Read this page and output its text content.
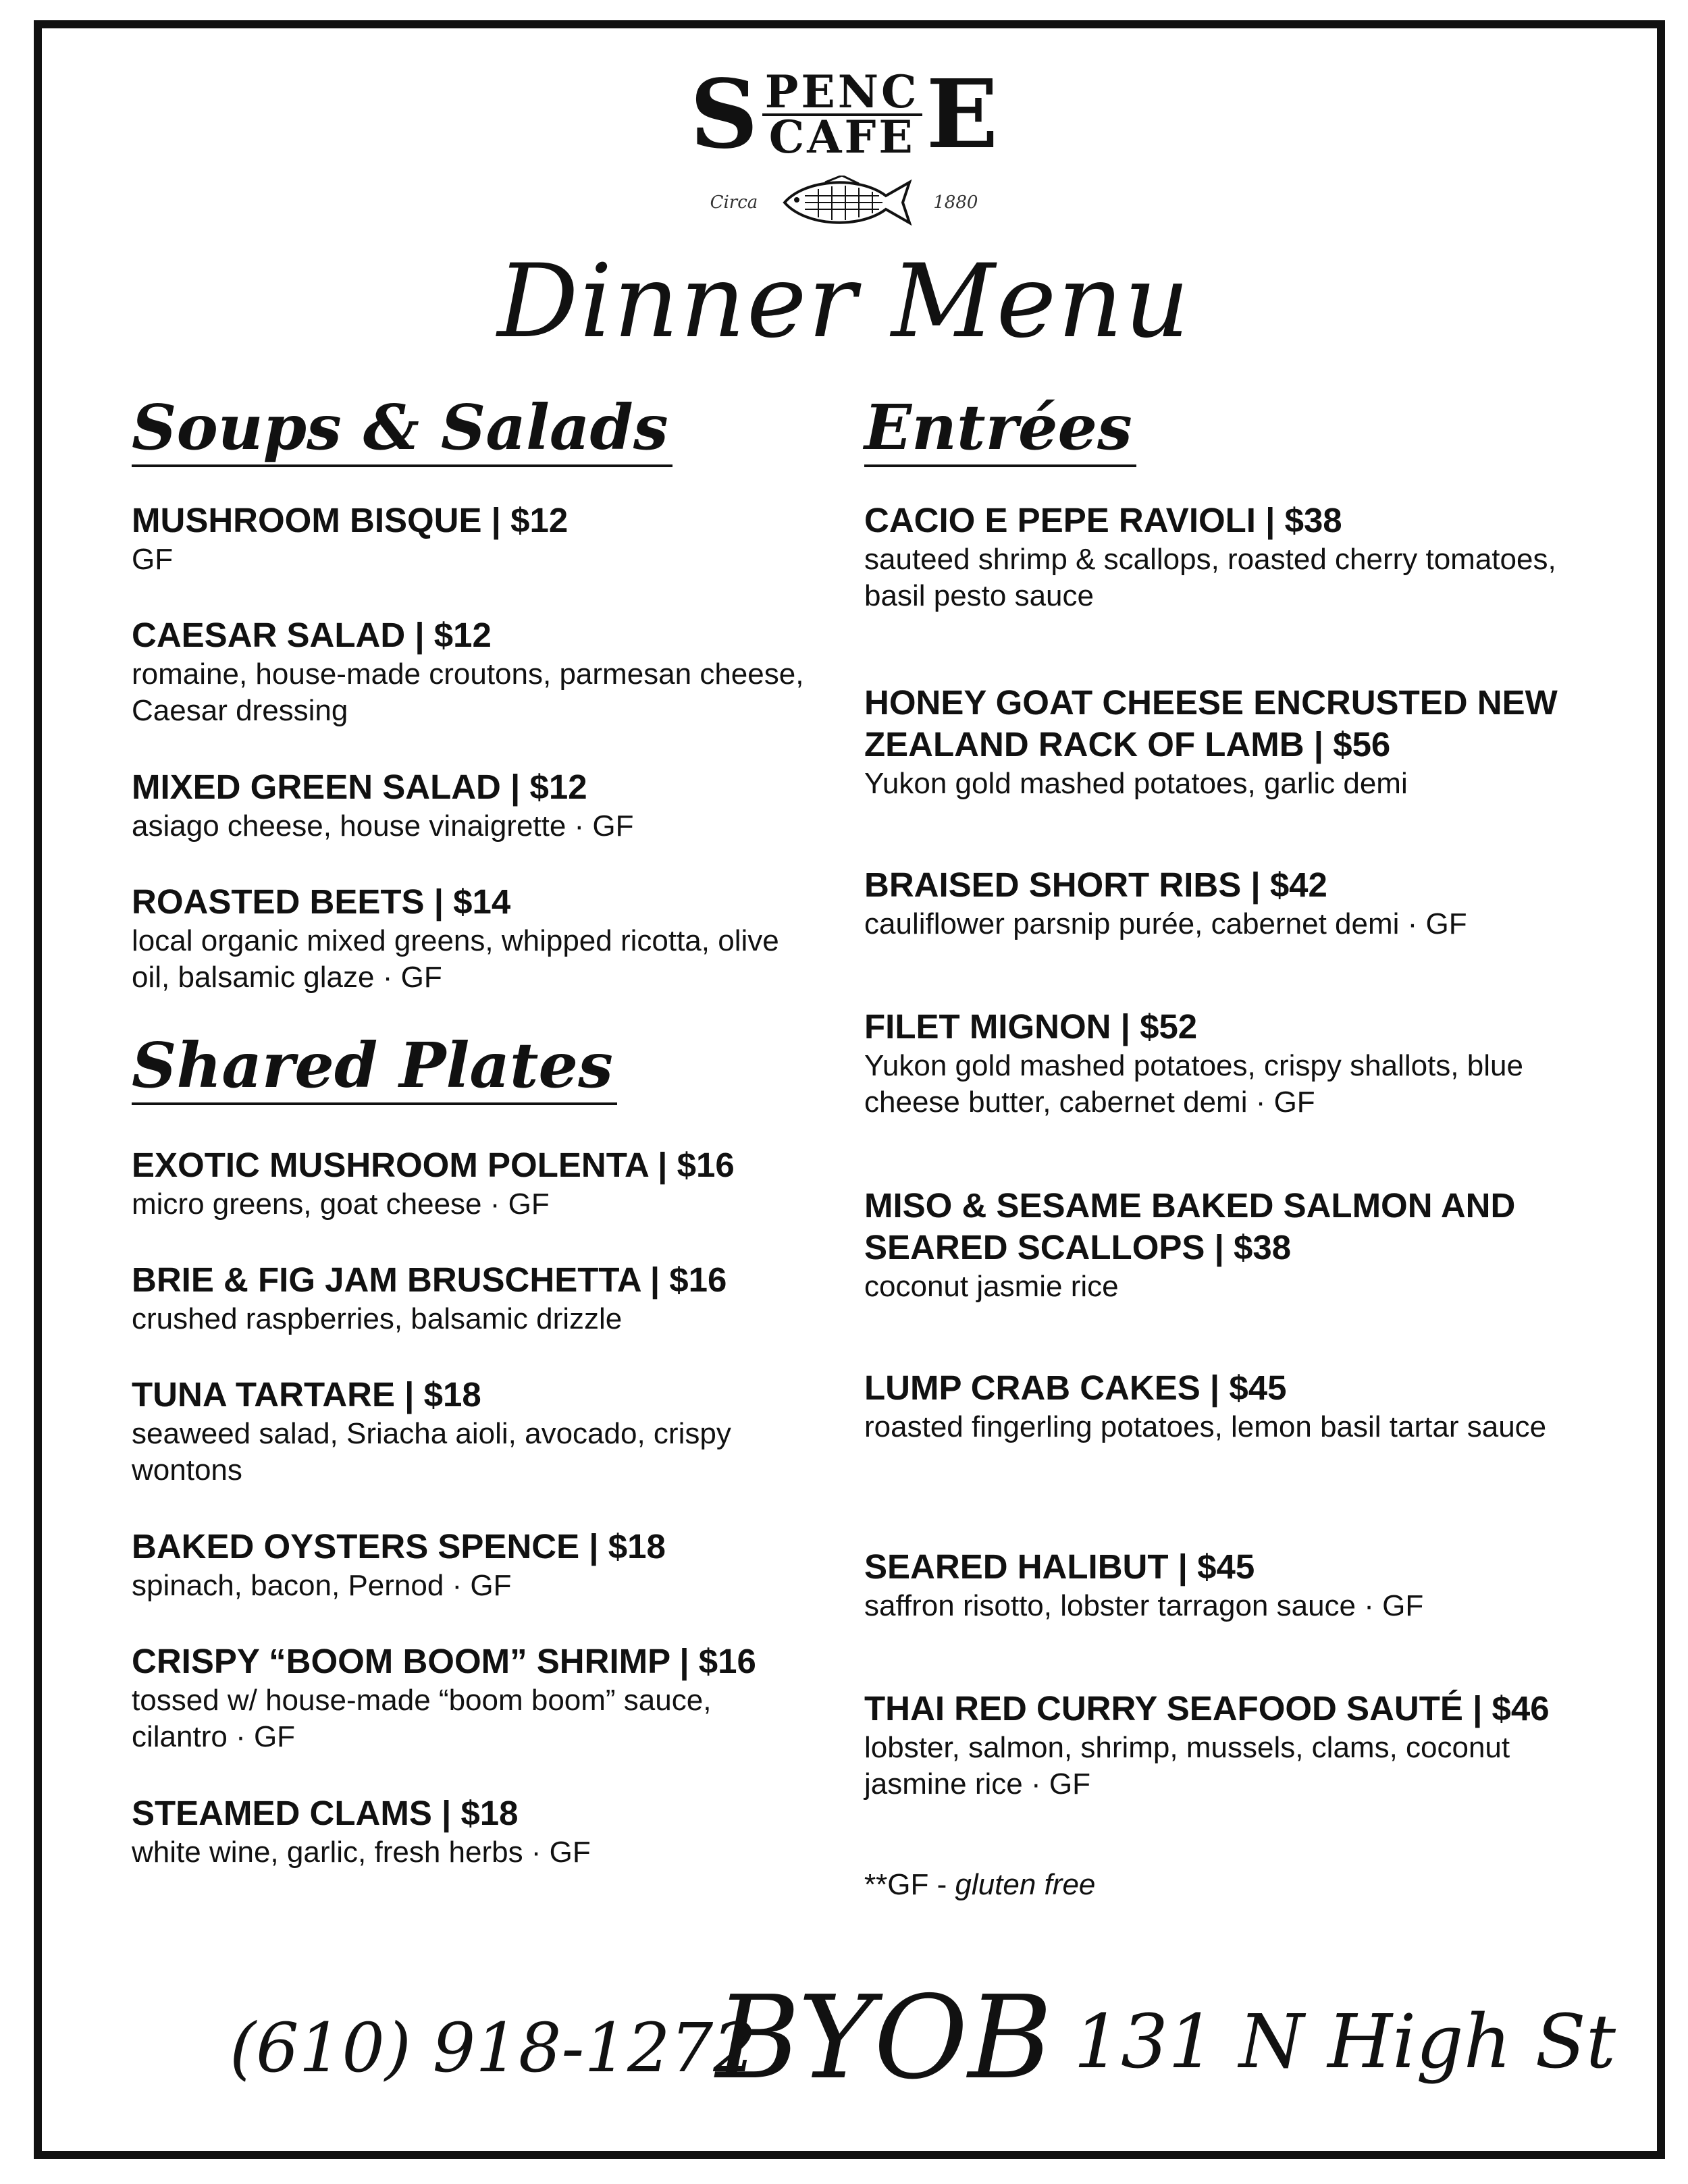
S PENC
CAFE E
Circa	1880
Dinner Menu
Soups & Salads

MUSHROOM BISQUE | $12

GF

CAESAR SALAD | $12

romaine, house-made croutons, parmesan cheese, Caesar dressing

MIXED GREEN SALAD | $12

asiago cheese, house vinaigrette · GF

ROASTED BEETS | $14

local organic mixed greens, whipped ricotta, olive oil, balsamic glaze · GF

Shared Plates

EXOTIC MUSHROOM POLENTA | $16

micro greens, goat cheese · GF

BRIE & FIG JAM BRUSCHETTA | $16

crushed raspberries, balsamic drizzle

TUNA TARTARE | $18

seaweed salad, Sriacha aioli, avocado, crispy wontons

BAKED OYSTERS SPENCE | $18

spinach, bacon, Pernod · GF

CRISPY “BOOM BOOM” SHRIMP | $16

tossed w/ house-made “boom boom” sauce, cilantro · GF

STEAMED CLAMS | $18

white wine, garlic, fresh herbs · GF

Entrées

CACIO E PEPE RAVIOLI | $38

sauteed shrimp & scallops, roasted cherry tomatoes, basil pesto sauce

HONEY GOAT CHEESE ENCRUSTED NEW ZEALAND RACK OF LAMB | $56

Yukon gold mashed potatoes, garlic demi

BRAISED SHORT RIBS | $42

cauliflower parsnip purée, cabernet demi · GF

FILET MIGNON | $52

Yukon gold mashed potatoes, crispy shallots, blue cheese butter, cabernet demi · GF

MISO & SESAME BAKED SALMON AND SEARED SCALLOPS | $38

coconut jasmie rice

LUMP CRAB CAKES | $45

roasted fingerling potatoes, lemon basil tartar sauce

SEARED HALIBUT | $45

saffron risotto, lobster tarragon sauce · GF

THAI RED CURRY SEAFOOD SAUTÉ | $46

lobster, salmon, shrimp, mussels, clams, coconut jasmine rice · GF

**GF - gluten free
(610) 918-1272
BYOB 131 N High St
